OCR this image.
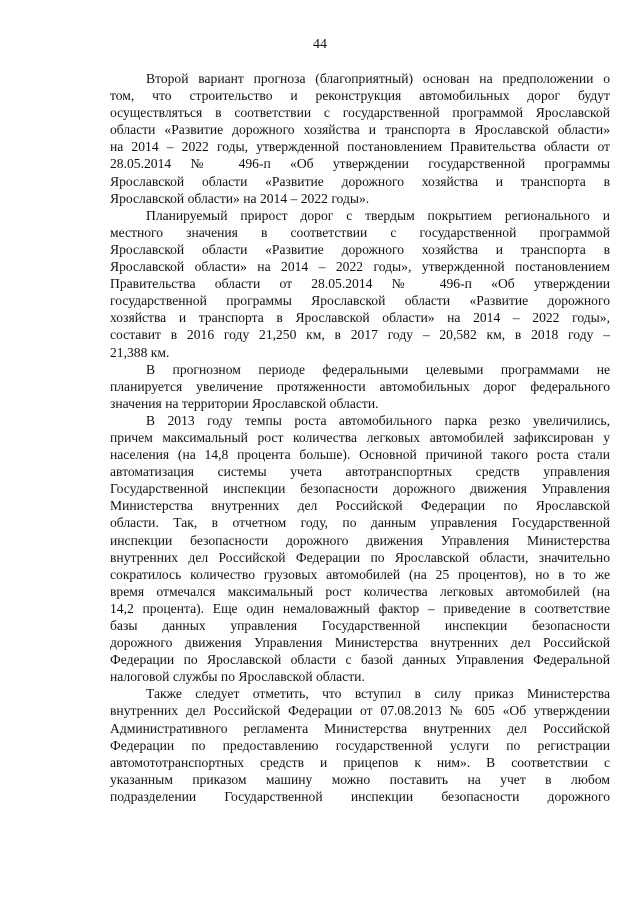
44

Второй вариант прогноза (благоприятный) основан на предположении о
том, что строительство и реконструкция автомобильных дорог будут
осуществляться в соответствии с государственной программой Ярославской
области «Развитие дорожного хозяйства и транспорта в Ярославской области»
на 2014 – 2022 годы, утвержденной постановлением Правительства области от
28.05.2014 № 496-п «Об утверждении государственной программы
Ярославской области «Развитие дорожного хозяйства и транспорта в
Ярославской области» на 2014 – 2022 годы».

Планируемый прирост дорог с твердым покрытием регионального и
местного значения в соответствии с государственной программой
Ярославской области «Развитие дорожного хозяйства и транспорта в
Ярославской области» на 2014 – 2022 годы», утвержденной постановлением
Правительства области от 28.05.2014 № 496-п «Об утверждении
государственной программы Ярославской области «Развитие дорожного
хозяйства и транспорта в Ярославской области» на 2014 – 2022 годы»,
составит в 2016 году 21,250 км, в 2017 году – 20,582 км, в 2018 году –
21,388 км.

В прогнозном периоде федеральными целевыми программами не
планируется увеличение протяженности автомобильных дорог федерального
значения на территории Ярославской области.

В 2013 году темпы роста автомобильного парка резко увеличились,
причем максимальный рост количества легковых автомобилей зафиксирован у
населения (на 14,8 процента больше). Основной причиной такого роста стали
автоматизация системы учета автотранспортных средств управления
Государственной инспекции безопасности дорожного движения Управления
Министерства внутренних дел Российской Федерации по Ярославской
области. Так, в отчетном году, по данным управления Государственной
инспекции безопасности дорожного движения Управления Министерства
внутренних дел Российской Федерации по Ярославской области, значительно
сократилось количество грузовых автомобилей (на 25 процентов), но в то же
время отмечался максимальный рост количества легковых автомобилей (на
14,2 процента). Еще один немаловажный фактор – приведение в соответствие
базы данных управления Государственной инспекции безопасности
дорожного движения Управления Министерства внутренних дел Российской
Федерации по Ярославской области с базой данных Управления Федеральной
налоговой службы по Ярославской области.

Также следует отметить, что вступил в силу приказ Министерства
внутренних дел Российской Федерации от 07.08.2013 № 605 «Об утверждении
Административного регламента Министерства внутренних дел Российской
Федерации по предоставлению государственной услуги по регистрации
автомототранспортных средств и прицепов к ним». В соответствии с
указанным приказом машину можно поставить на учет в любом
подразделении Государственной инспекции безопасности дорожного
